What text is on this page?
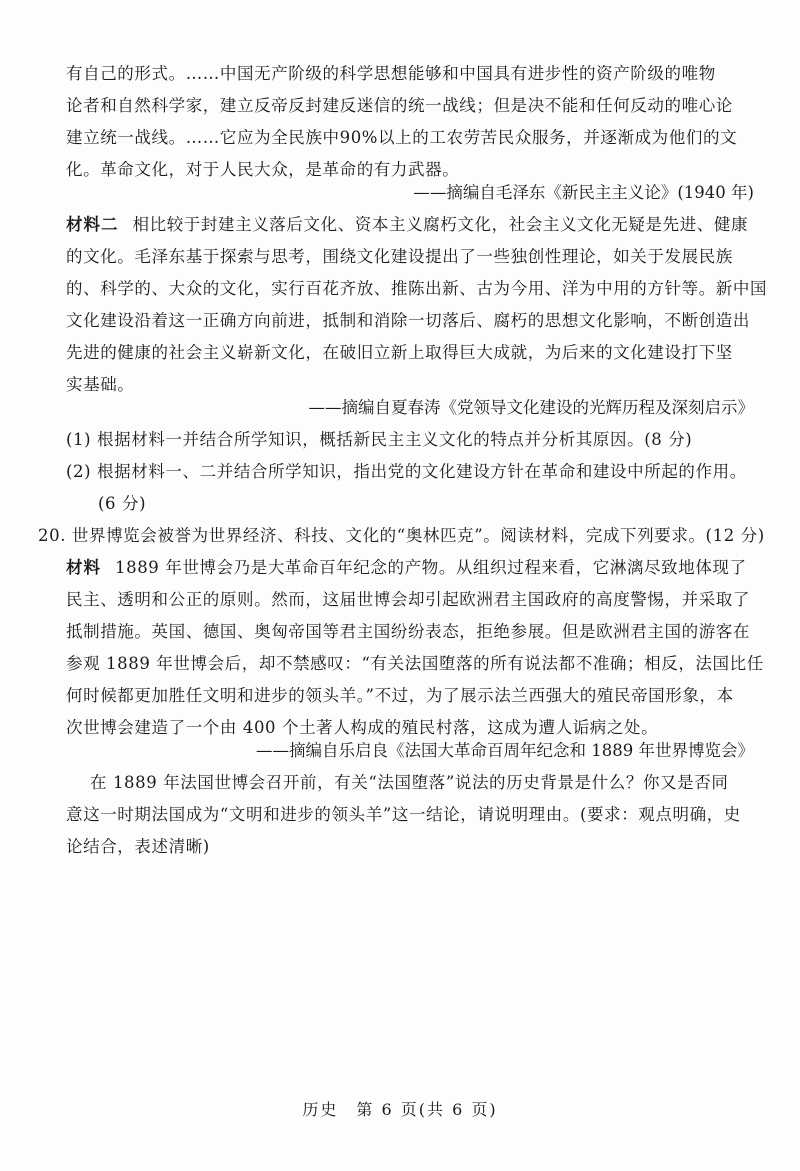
有自己的形式。……中国无产阶级的科学思想能够和中国具有进步性的资产阶级的唯物
论者和自然科学家，建立反帝反封建反迷信的统一战线；但是决不能和任何反动的唯心论
建立统一战线。……它应为全民族中90%以上的工农劳苦民众服务，并逐渐成为他们的文
化。革命文化，对于人民大众，是革命的有力武器。
——摘编自毛泽东《新民主主义论》(1940 年)
材料二 相比较于封建主义落后文化、资本主义腐朽文化，社会主义文化无疑是先进、健康
的文化。毛泽东基于探索与思考，围绕文化建设提出了一些独创性理论，如关于发展民族
的、科学的、大众的文化，实行百花齐放、推陈出新、古为今用、洋为中用的方针等。新中国
文化建设沿着这一正确方向前进，抵制和消除一切落后、腐朽的思想文化影响，不断创造出
先进的健康的社会主义崭新文化，在破旧立新上取得巨大成就，为后来的文化建设打下坚
实基础。
——摘编自夏春涛《党领导文化建设的光辉历程及深刻启示》
(1) 根据材料一并结合所学知识，概括新民主主义文化的特点并分析其原因。(8 分)
(2) 根据材料一、二并结合所学知识，指出党的文化建设方针在革命和建设中所起的作用。
(6 分)
20. 世界博览会被誉为世界经济、科技、文化的“奥林匹克”。阅读材料，完成下列要求。(12 分)
材料 1889 年世博会乃是大革命百年纪念的产物。从组织过程来看，它淋漓尽致地体现了
民主、透明和公正的原则。然而，这届世博会却引起欧洲君主国政府的高度警惕，并采取了
抵制措施。英国、德国、奥匈帝国等君主国纷纷表态，拒绝参展。但是欧洲君主国的游客在
参观 1889 年世博会后，却不禁感叹：“有关法国堕落的所有说法都不准确；相反，法国比任
何时候都更加胜任文明和进步的领头羊。”不过，为了展示法兰西强大的殖民帝国形象，本
次世博会建造了一个由 400 个土著人构成的殖民村落，这成为遭人诟病之处。
——摘编自乐启良《法国大革命百周年纪念和 1889 年世界博览会》
在 1889 年法国世博会召开前，有关“法国堕落”说法的历史背景是什么？你又是否同
意这一时期法国成为“文明和进步的领头羊”这一结论，请说明理由。(要求：观点明确，史
论结合，表述清晰)
历史　第 6 页(共 6 页)
